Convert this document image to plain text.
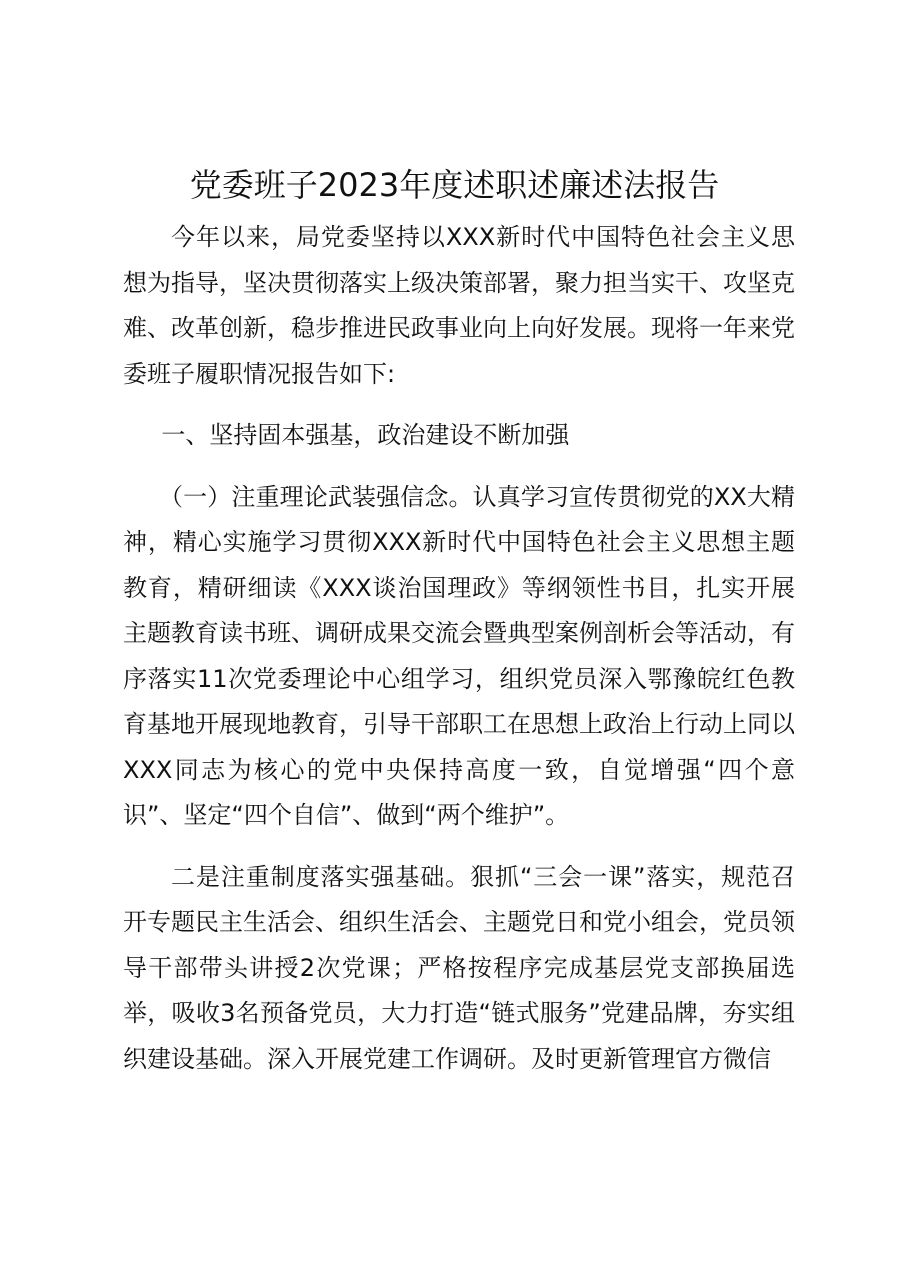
党委班子2023年度述职述廉述法报告

今年以来，局党委坚持以XXX新时代中国特色社会主义思想为指导，坚决贯彻落实上级决策部署，聚力担当实干、攻坚克难、改革创新，稳步推进民政事业向上向好发展。现将一年来党委班子履职情况报告如下:

一、坚持固本强基，政治建设不断加强

（一）注重理论武装强信念。认真学习宣传贯彻党的XX大精神，精心实施学习贯彻XXX新时代中国特色社会主义思想主题教育，精研细读《XXX谈治国理政》等纲领性书目，扎实开展主题教育读书班、调研成果交流会暨典型案例剖析会等活动，有序落实11次党委理论中心组学习，组织党员深入鄂豫皖红色教育基地开展现地教育，引导干部职工在思想上政治上行动上同以XXX同志为核心的党中央保持高度一致，自觉增强“四个意识”、坚定“四个自信”、做到“两个维护”。

二是注重制度落实强基础。狠抓“三会一课”落实，规范召开专题民主生活会、组织生活会、主题党日和党小组会，党员领导干部带头讲授2次党课；严格按程序完成基层党支部换届选举，吸收3名预备党员，大力打造“链式服务”党建品牌，夯实组织建设基础。深入开展党建工作调研。及时更新管理官方微信
